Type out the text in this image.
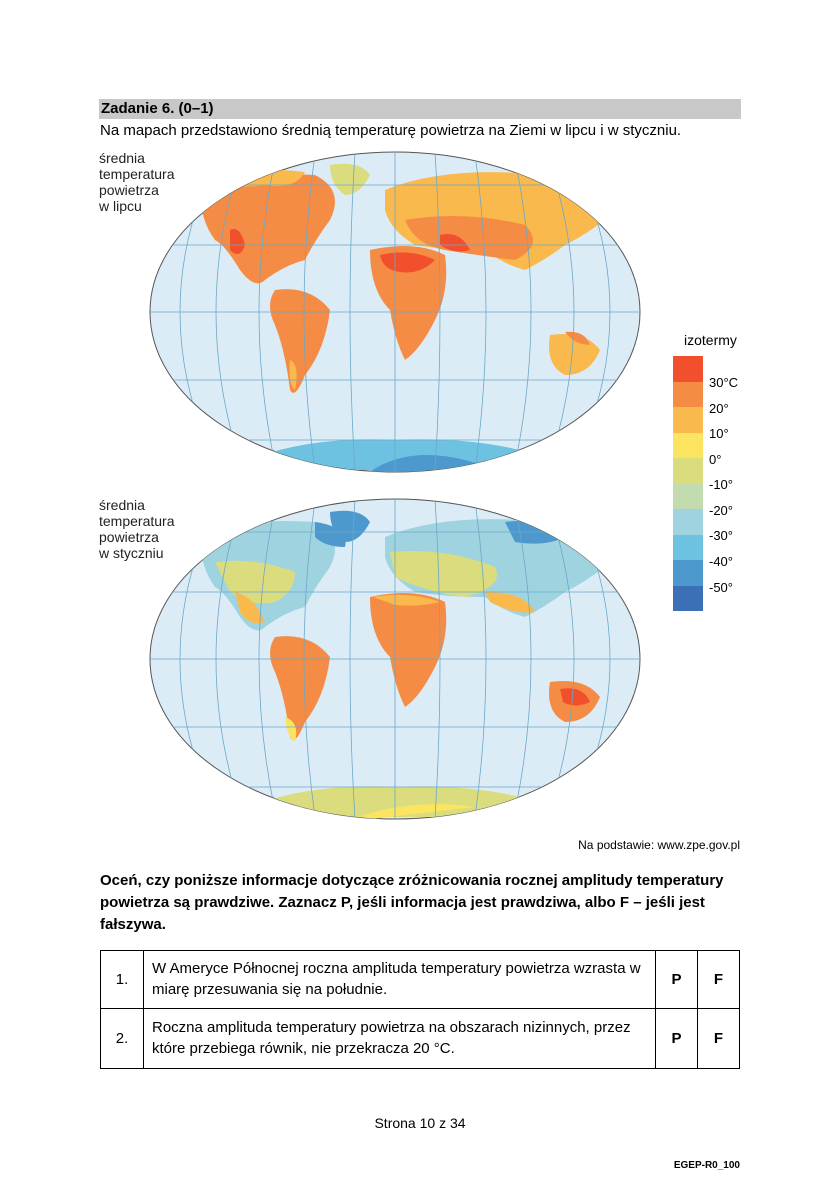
Zadanie 6. (0–1)
Na mapach przedstawiono średnią temperaturę powietrza na Ziemi w lipcu i w styczniu.
średnia
temperatura
powietrza
w lipcu
izotermy
30°C
20°
10°
0°
-10°
-20°
-30°
-40°
-50°
średnia
temperatura
powietrza
w styczniu
Na podstawie: www.zpe.gov.pl
Oceń, czy poniższe informacje dotyczące zróżnicowania rocznej amplitudy temperatury powietrza są prawdziwe. Zaznacz P, jeśli informacja jest prawdziwa, albo F – jeśli jest fałszywa.
1.	W Ameryce Północnej roczna amplituda temperatury powietrza wzrasta w miarę przesuwania się na południe.	P	F
2.	Roczna amplituda temperatury powietrza na obszarach nizinnych, przez które przebiega równik, nie przekracza 20 °C.	P	F
Strona 10 z 34
EGEP-R0_100
